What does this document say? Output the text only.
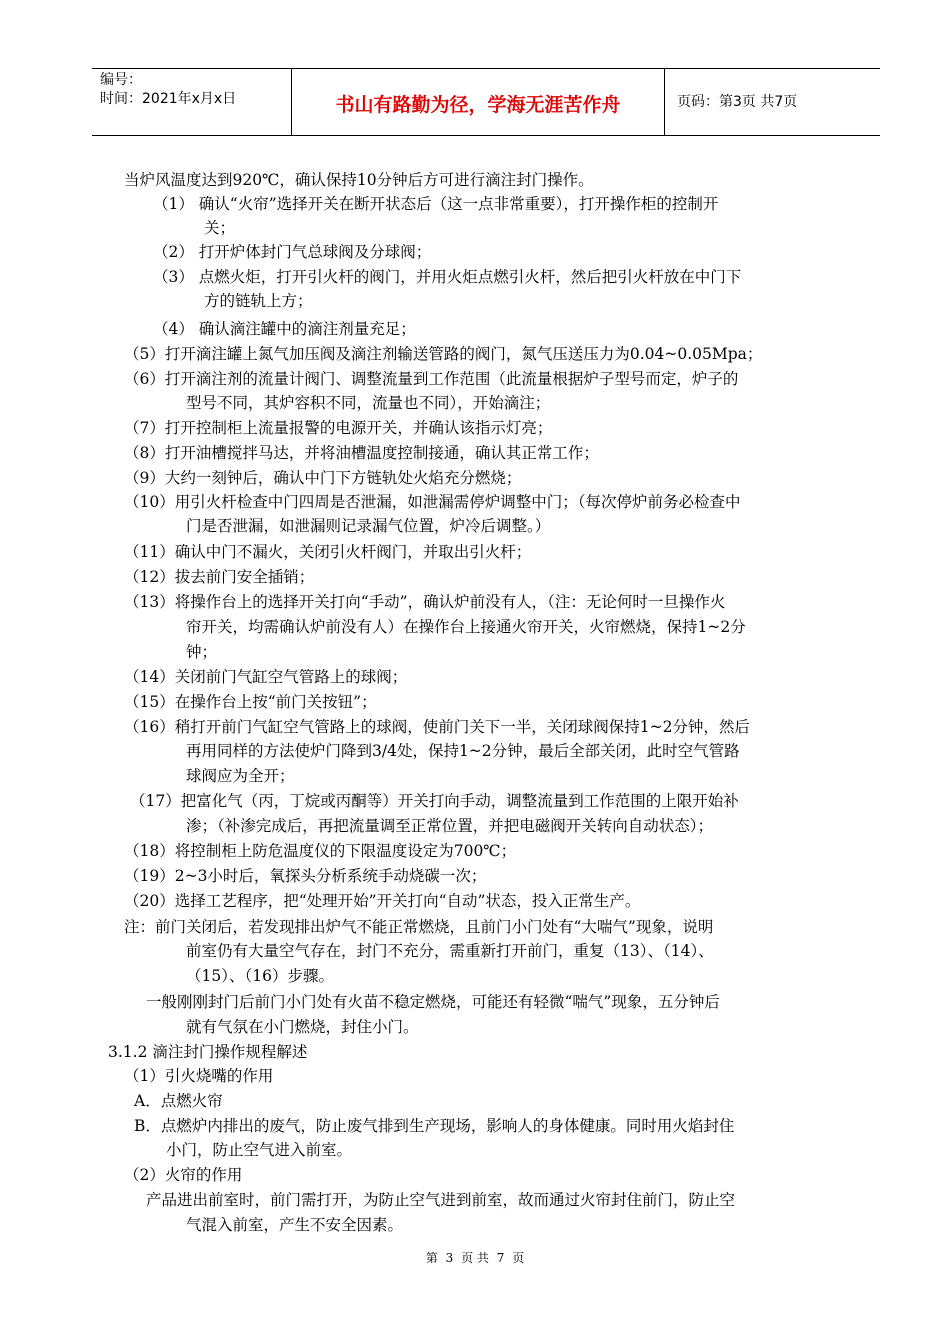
编号：
时间：2021年x月x日	书山有路勤为径，学海无涯苦作舟	页码：第3页 共7页
当炉风温度达到920℃，确认保持10分钟后方可进行滴注封门操作。
（1） 确认“火帘”选择开关在断开状态后（这一点非常重要），打开操作柜的控制开
关；
（2） 打开炉体封门气总球阀及分球阀；
（3） 点燃火炬，打开引火杆的阀门，并用火炬点燃引火杆，然后把引火杆放在中门下
方的链轨上方；
（4） 确认滴注罐中的滴注剂量充足；
（5）打开滴注罐上氮气加压阀及滴注剂输送管路的阀门，氮气压送压力为0.04~0.05Mpa；
（6）打开滴注剂的流量计阀门、调整流量到工作范围（此流量根据炉子型号而定，炉子的
型号不同，其炉容积不同，流量也不同），开始滴注；
（7）打开控制柜上流量报警的电源开关，并确认该指示灯亮；
（8）打开油槽搅拌马达，并将油槽温度控制接通，确认其正常工作；
（9）大约一刻钟后，确认中门下方链轨处火焰充分燃烧；
（10）用引火杆检查中门四周是否泄漏，如泄漏需停炉调整中门；（每次停炉前务必检查中
门是否泄漏，如泄漏则记录漏气位置，炉冷后调整。）
（11）确认中门不漏火，关闭引火杆阀门，并取出引火杆；
（12）拔去前门安全插销；
（13）将操作台上的选择开关打向“手动”，确认炉前没有人，（注：无论何时一旦操作火
帘开关，均需确认炉前没有人）在操作台上接通火帘开关，火帘燃烧，保持1~2分
钟；
（14）关闭前门气缸空气管路上的球阀；
（15）在操作台上按“前门关按钮”；
（16）稍打开前门气缸空气管路上的球阀，使前门关下一半，关闭球阀保持1~2分钟，然后
再用同样的方法使炉门降到3/4处，保持1~2分钟，最后全部关闭，此时空气管路
球阀应为全开；
（17）把富化气（丙，丁烷或丙酮等）开关打向手动，调整流量到工作范围的上限开始补
渗；（补渗完成后，再把流量调至正常位置，并把电磁阀开关转向自动状态）；
（18）将控制柜上防危温度仪的下限温度设定为700℃；
（19）2~3小时后，氧探头分析系统手动烧碳一次；
（20）选择工艺程序，把“处理开始”开关打向“自动”状态，投入正常生产。
注：前门关闭后，若发现排出炉气不能正常燃烧，且前门小门处有“大喘气”现象，说明
前室仍有大量空气存在，封门不充分，需重新打开前门，重复（13）、（14）、
（15）、（16）步骤。
一般刚刚封门后前门小门处有火苗不稳定燃烧，可能还有轻微“喘气”现象，五分钟后
就有气氛在小门燃烧，封住小门。
3.1.2 滴注封门操作规程解述
（1）引火烧嘴的作用
A．点燃火帘
B．点燃炉内排出的废气，防止废气排到生产现场，影响人的身体健康。同时用火焰封住
小门，防止空气进入前室。
（2）火帘的作用
产品进出前室时，前门需打开，为防止空气进到前室，故而通过火帘封住前门，防止空
气混入前室，产生不安全因素。
第 3 页 共 7 页
